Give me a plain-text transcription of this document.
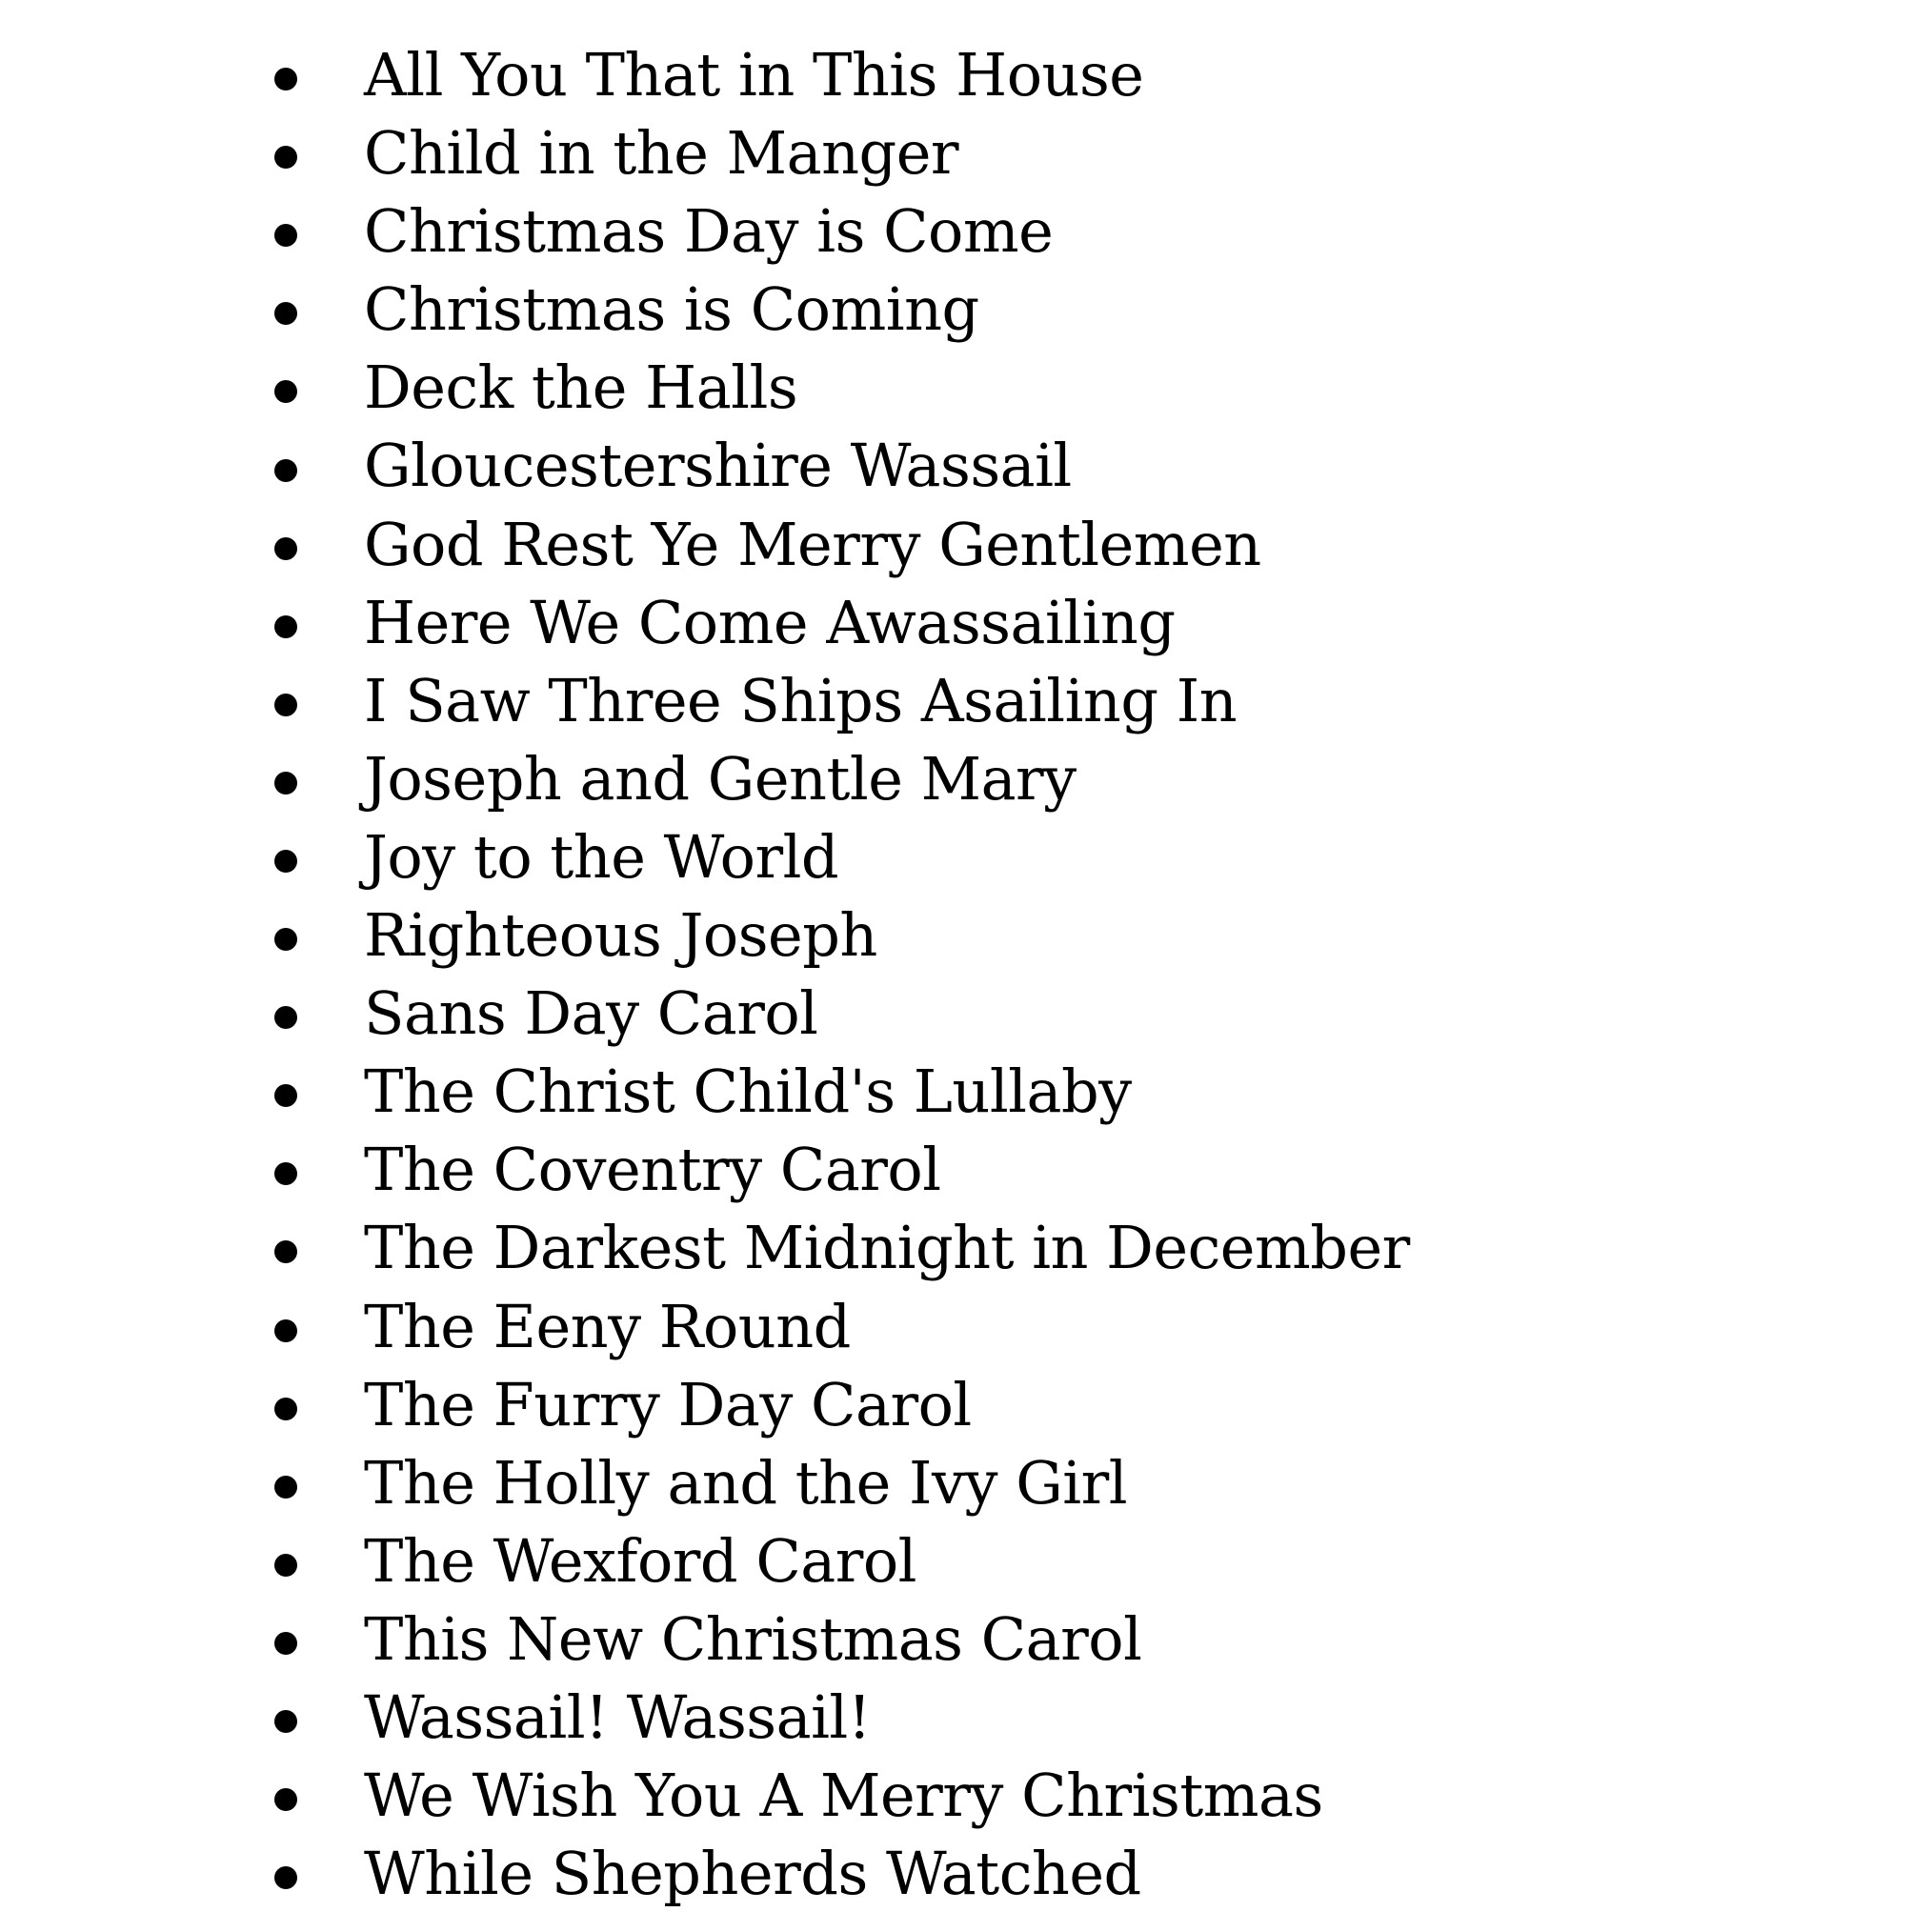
All You That in This House
Child in the Manger
Christmas Day is Come
Christmas is Coming
Deck the Halls
Gloucestershire Wassail
God Rest Ye Merry Gentlemen
Here We Come Awassailing
I Saw Three Ships Asailing In
Joseph and Gentle Mary
Joy to the World
Righteous Joseph
Sans Day Carol
The Christ Child's Lullaby
The Coventry Carol
The Darkest Midnight in December
The Eeny Round
The Furry Day Carol
The Holly and the Ivy Girl
The Wexford Carol
This New Christmas Carol
Wassail! Wassail!
We Wish You A Merry Christmas
While Shepherds Watched
